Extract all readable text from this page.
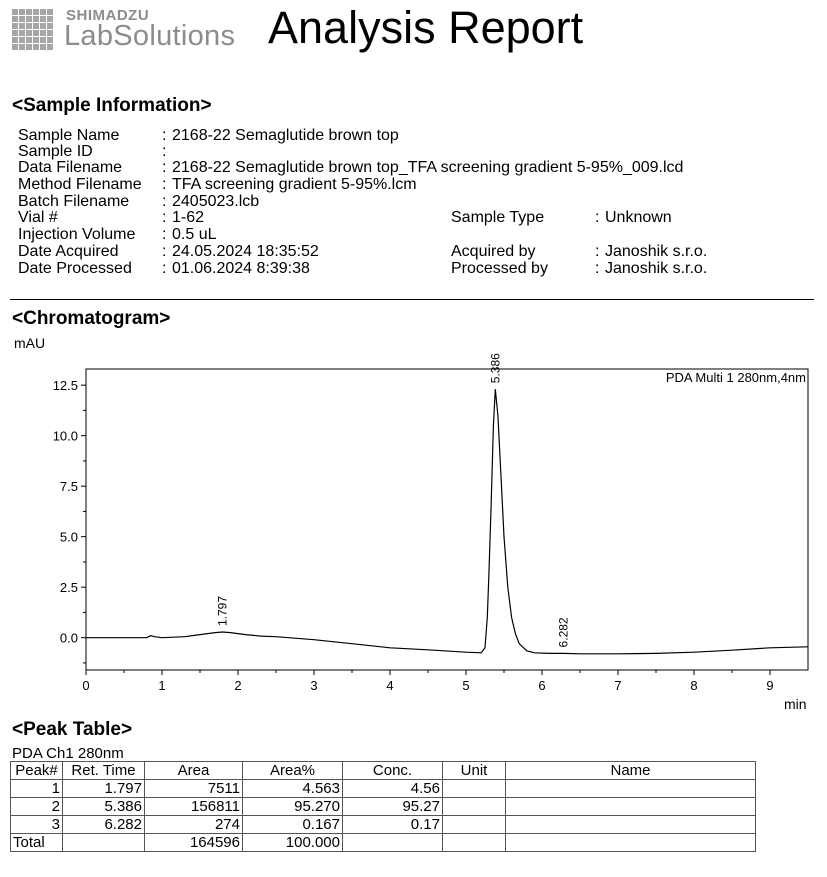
SHIMADZU
LabSolutions Analysis Report
<Sample Information>
Sample Name	: 2168-22 Semaglutide brown top
Sample ID	:
Data Filename : 2168-22 Semaglutide brown top_TFA screening gradient 5-95%_009.lcd
Method Filename : TFA screening gradient 5-95%.lcm
Batch Filename : 2405023.lcb
Vial #	: 1-62
Injection Volume : 0.5 uL
Date Acquired	: 24.05.2024 18:35:52
Date Processed : 01.06.2024 8:39:38
Sample Type	: Unknown
Acquired by	: Janoshik s.r.o.
Processed by	: Janoshik s.r.o.
<Chromatogram>
mAU
min
0	1	2	3	4	5	6	7	8	9
0.0
2.5
5.0
7.5
10.0
12.5
1.797
5.386
6.282
PDA Multi 1 280nm,4nm
<Peak Table>
PDA Ch1 280nm
Peak#	Ret. Time	Area	Area%	Conc.	Unit	Name
1	1.797	7511	4.563	4.56		
2	5.386	156811	95.270	95.27		
3	6.282	274	0.167	0.17		
Total		164596	100.000			
